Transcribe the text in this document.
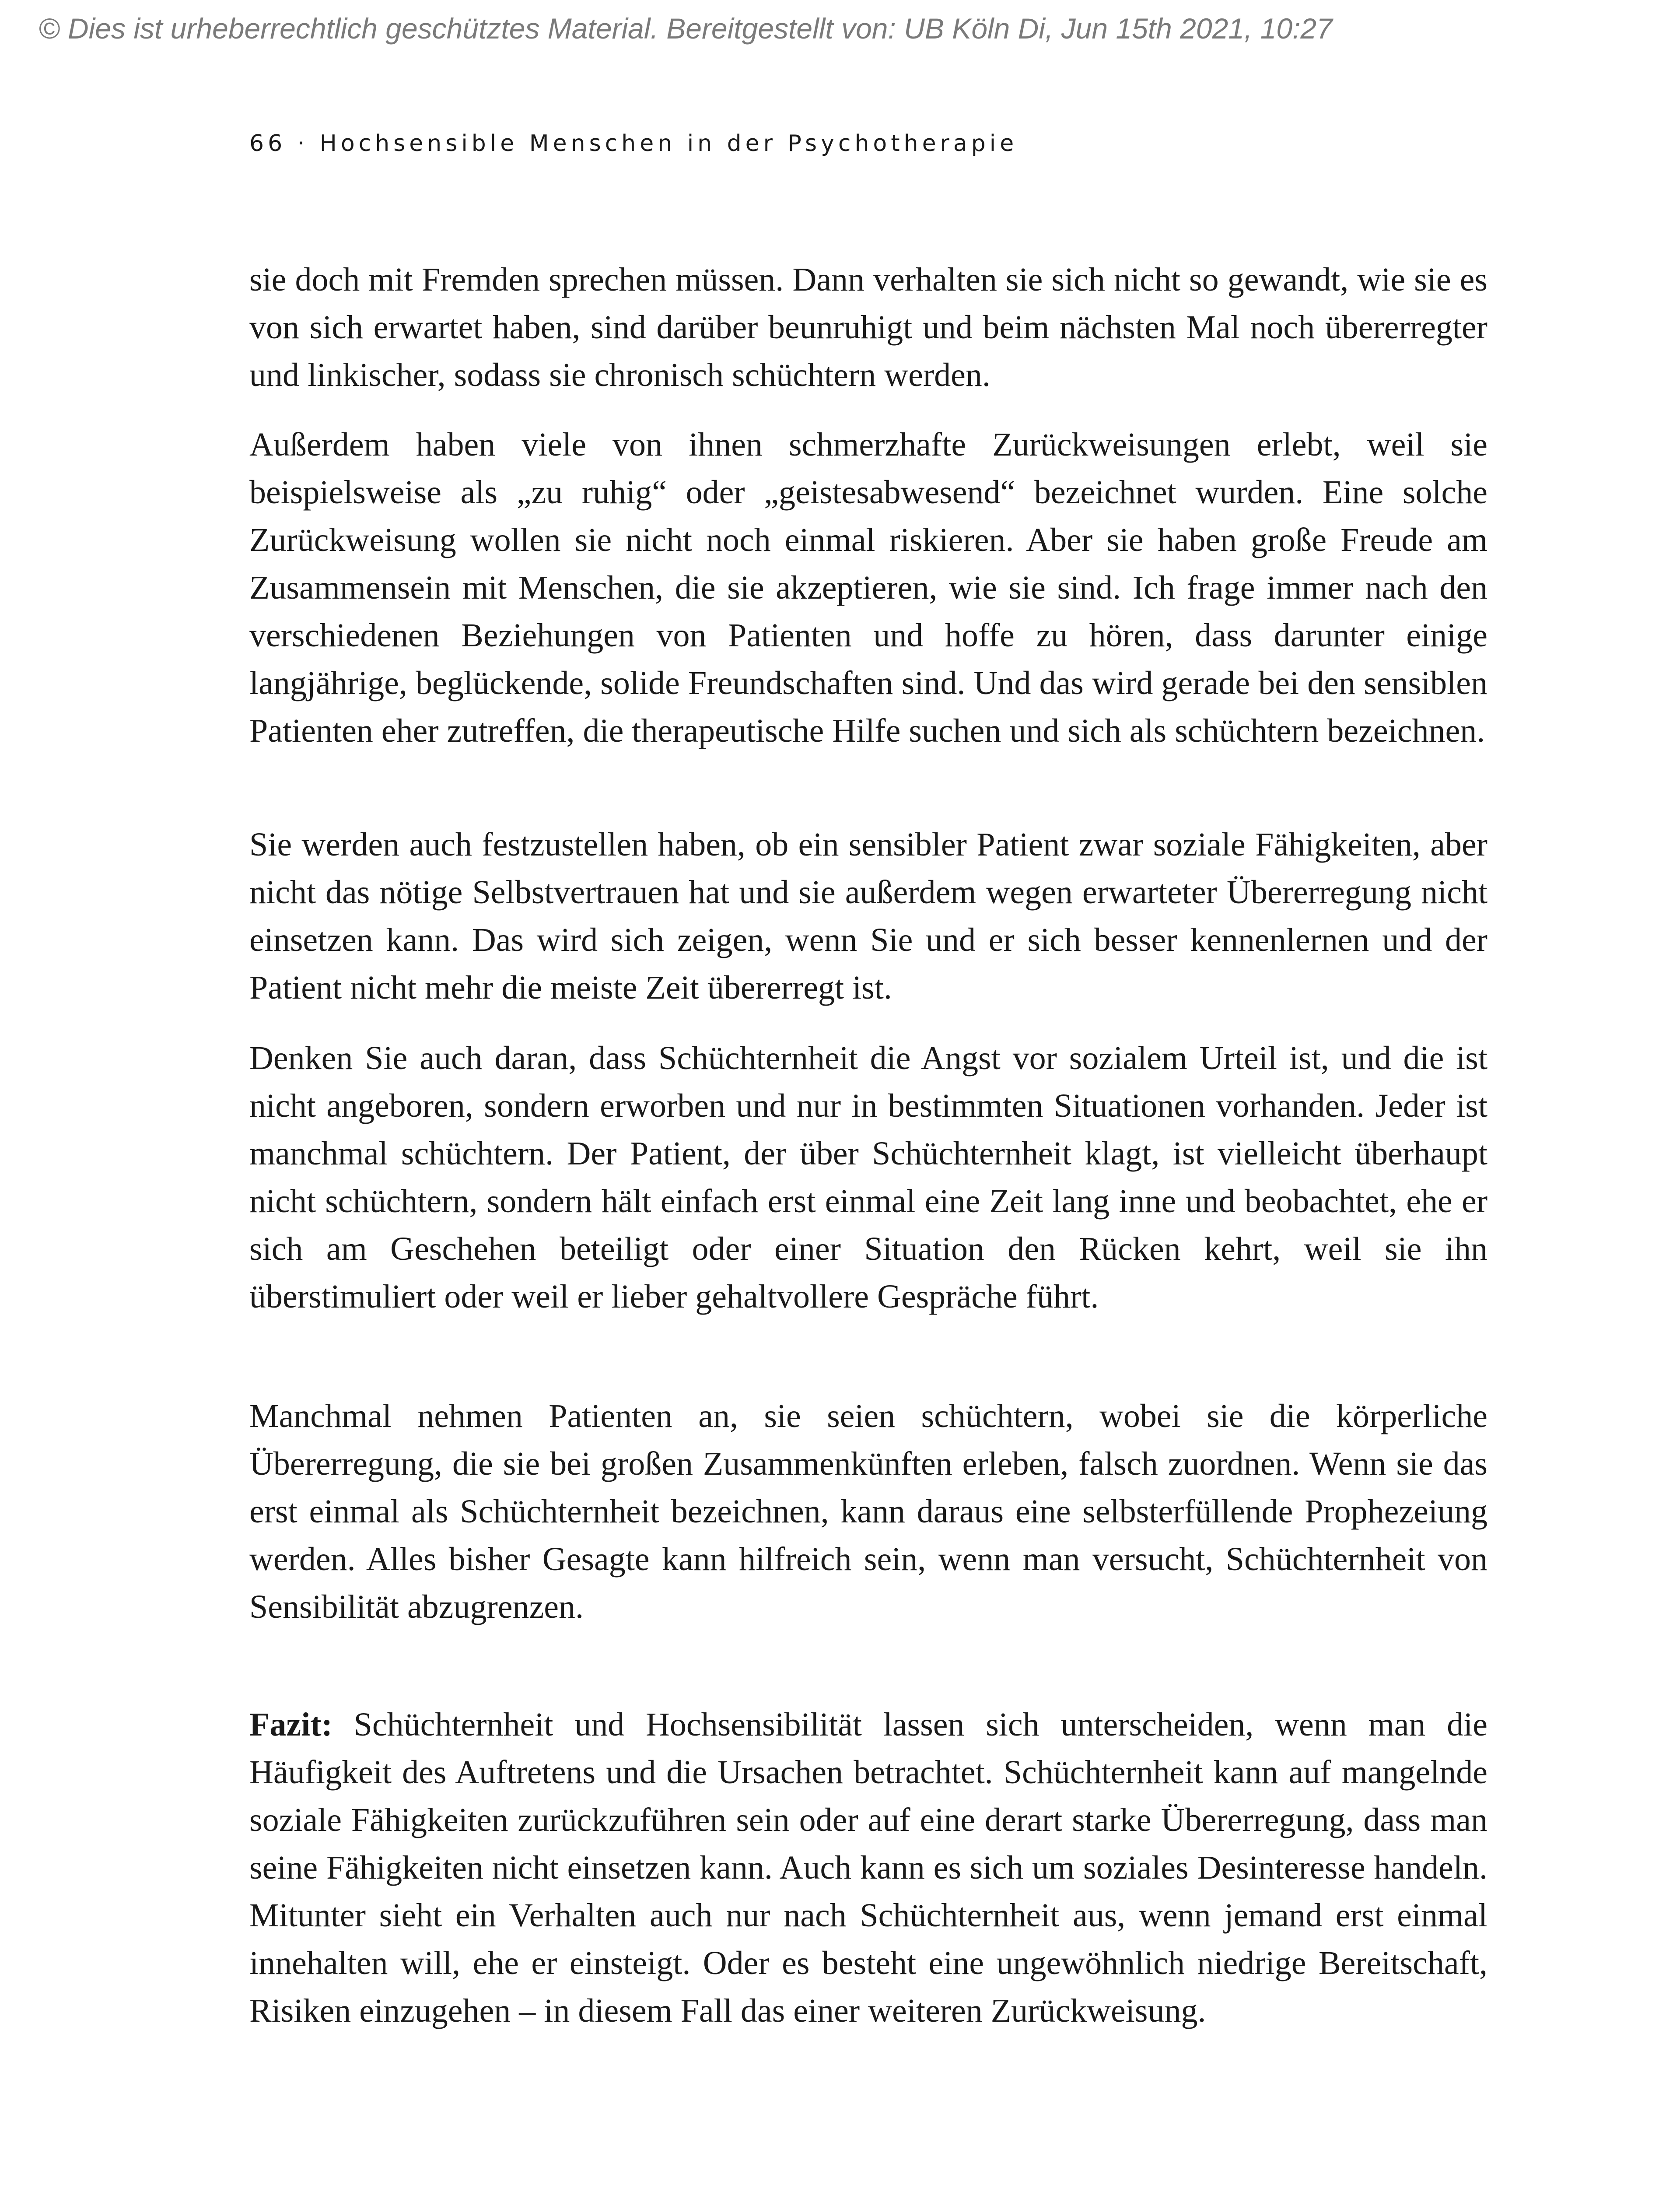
© Dies ist urheberrechtlich geschütztes Material. Bereitgestellt von: UB Köln Di, Jun 15th 2021, 10:27
66 · Hochsensible Menschen in der Psychotherapie

sie doch mit Fremden sprechen müssen. Dann verhalten sie sich nicht so gewandt, wie sie es von sich erwartet haben, sind darüber beunruhigt und beim nächsten Mal noch übererregter und linkischer, sodass sie chronisch schüchtern werden.

Außerdem haben viele von ihnen schmerzhafte Zurückweisungen erlebt, weil sie beispielsweise als „zu ruhig“ oder „geistesabwesend“ bezeichnet wurden. Eine solche Zurückweisung wollen sie nicht noch einmal riskieren. Aber sie haben große Freude am Zusammensein mit Menschen, die sie akzeptieren, wie sie sind. Ich frage immer nach den verschiedenen Beziehungen von Patienten und hoffe zu hören, dass darunter einige langjährige, beglückende, solide Freundschaften sind. Und das wird gerade bei den sensiblen Patienten eher zutreffen, die therapeutische Hilfe suchen und sich als schüchtern bezeichnen.

Sie werden auch festzustellen haben, ob ein sensibler Patient zwar soziale Fähigkeiten, aber nicht das nötige Selbstvertrauen hat und sie außerdem wegen erwarteter Übererregung nicht einsetzen kann. Das wird sich zeigen, wenn Sie und er sich besser kennenlernen und der Patient nicht mehr die meiste Zeit übererregt ist.

Denken Sie auch daran, dass Schüchternheit die Angst vor sozialem Urteil ist, und die ist nicht angeboren, sondern erworben und nur in bestimmten Situationen vorhanden. Jeder ist manchmal schüchtern. Der Patient, der über Schüchternheit klagt, ist vielleicht überhaupt nicht schüchtern, sondern hält einfach erst einmal eine Zeit lang inne und beobachtet, ehe er sich am Geschehen beteiligt oder einer Situation den Rücken kehrt, weil sie ihn überstimuliert oder weil er lieber gehaltvollere Gespräche führt.

Manchmal nehmen Patienten an, sie seien schüchtern, wobei sie die körperliche Übererregung, die sie bei großen Zusammenkünften erleben, falsch zuordnen. Wenn sie das erst einmal als Schüchternheit bezeichnen, kann daraus eine selbsterfüllende Prophezeiung werden. Alles bisher Gesagte kann hilfreich sein, wenn man versucht, Schüchternheit von Sensibilität abzugrenzen.

Fazit: Schüchternheit und Hochsensibilität lassen sich unterscheiden, wenn man die Häufigkeit des Auftretens und die Ursachen betrachtet. Schüchternheit kann auf mangelnde soziale Fähigkeiten zurückzuführen sein oder auf eine derart starke Übererregung, dass man seine Fähigkeiten nicht einsetzen kann. Auch kann es sich um soziales Desinteresse handeln. Mitunter sieht ein Verhalten auch nur nach Schüchternheit aus, wenn jemand erst einmal innehalten will, ehe er einsteigt. Oder es besteht eine ungewöhnlich niedrige Bereitschaft, Risiken einzugehen – in diesem Fall das einer weiteren Zurückweisung.
